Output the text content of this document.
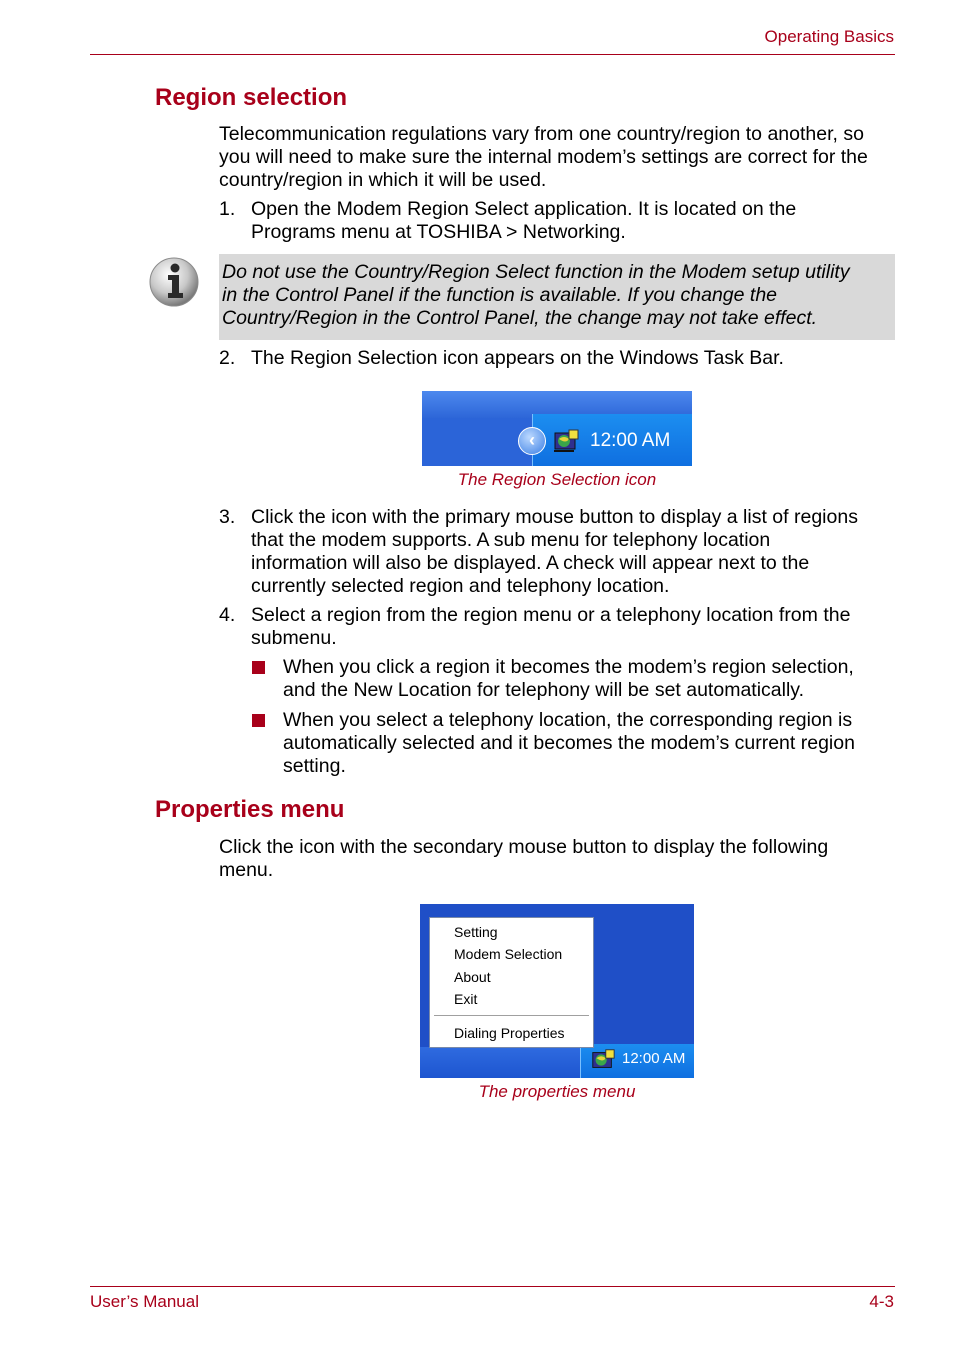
Operating Basics
Region selection
Telecommunication regulations vary from one country/region to another, so
you will need to make sure the internal modem’s settings are correct for the
country/region in which it will be used.
1. Open the Modem Region Select application. It is located on the
Programs menu at TOSHIBA > Networking.
Do not use the Country/Region Select function in the Modem setup utility
in the Control Panel if the function is available. If you change the
Country/Region in the Control Panel, the change may not take effect.
2. The Region Selection icon appears on the Windows Task Bar.
‹	12:00 AM
The Region Selection icon
3. Click the icon with the primary mouse button to display a list of regions
that the modem supports. A sub menu for telephony location
information will also be displayed. A check will appear next to the
currently selected region and telephony location.
4. Select a region from the region menu or a telephony location from the
submenu.
When you click a region it becomes the modem’s region selection,
and the New Location for telephony will be set automatically.
When you select a telephony location, the corresponding region is
automatically selected and it becomes the modem’s current region
setting.
Properties menu
Click the icon with the secondary mouse button to display the following
menu.
12:00 AM
Setting
Modem Selection
About
Exit
Dialing Properties
The properties menu
User’s Manual	4-3
